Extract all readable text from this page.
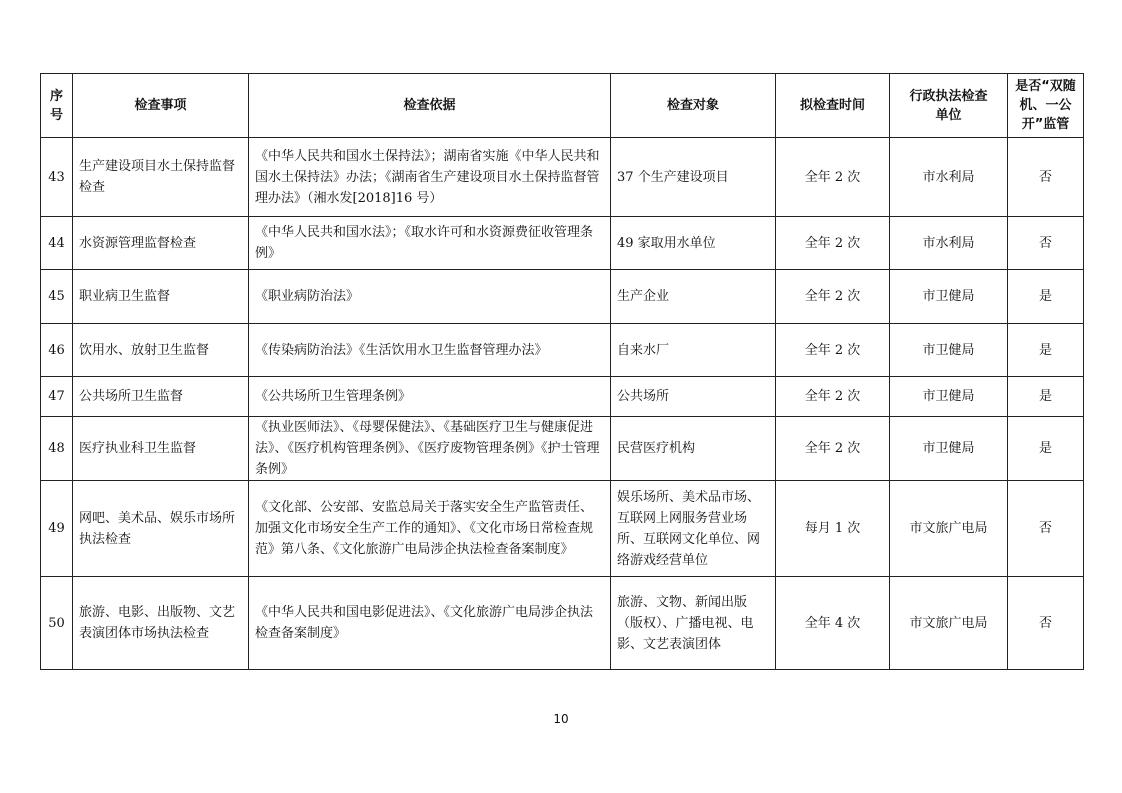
序号	检查事项	检查依据	检查对象	拟检查时间	行政执法检查单位	是否“双随机、一公开”监管
43	生产建设项目水土保持监督检查	《中华人民共和国水土保持法》；湖南省实施《中华人民共和国水土保持法》办法；《湖南省生产建设项目水土保持监督管理办法》（湘水发[2018]16 号）	37 个生产建设项目	全年 2 次	市水利局	否
44	水资源管理监督检查	《中华人民共和国水法》；《取水许可和水资源费征收管理条例》	49 家取用水单位	全年 2 次	市水利局	否
45	职业病卫生监督	《职业病防治法》	生产企业	全年 2 次	市卫健局	是
46	饮用水、放射卫生监督	《传染病防治法》《生活饮用水卫生监督管理办法》	自来水厂	全年 2 次	市卫健局	是
47	公共场所卫生监督	《公共场所卫生管理条例》	公共场所	全年 2 次	市卫健局	是
48	医疗执业科卫生监督	《执业医师法》、《母婴保健法》、《基础医疗卫生与健康促进法》、《医疗机构管理条例》、《医疗废物管理条例》《护士管理条例》	民营医疗机构	全年 2 次	市卫健局	是
49	网吧、美术品、娱乐市场所执法检查	《文化部、公安部、安监总局关于落实安全生产监管责任、加强文化市场安全生产工作的通知》、《文化市场日常检查规范》第八条、《文化旅游广电局涉企执法检查备案制度》	娱乐场所、美术品市场、互联网上网服务营业场所、互联网文化单位、网络游戏经营单位	每月 1 次	市文旅广电局	否
50	旅游、电影、出版物、文艺表演团体市场执法检查	《中华人民共和国电影促进法》、《文化旅游广电局涉企执法检查备案制度》	旅游、文物、新闻出版（版权）、广播电视、电影、文艺表演团体	全年 4 次	市文旅广电局	否
10
